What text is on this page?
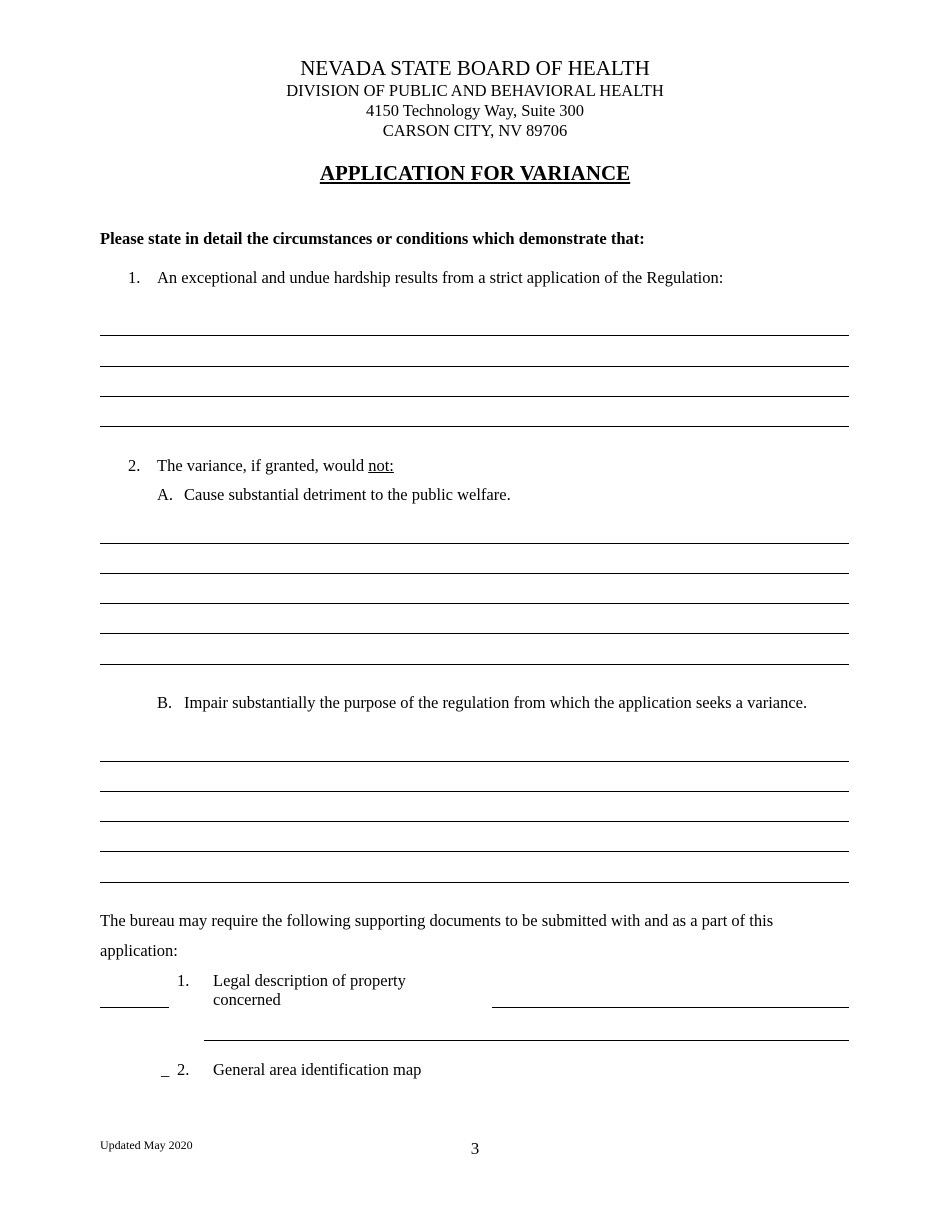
NEVADA STATE BOARD OF HEALTH
DIVISION OF PUBLIC AND BEHAVIORAL HEALTH
4150 Technology Way, Suite 300
CARSON CITY, NV 89706
APPLICATION FOR VARIANCE
Please state in detail the circumstances or conditions which demonstrate that:
1. An exceptional and undue hardship results from a strict application of the Regulation:
2. The variance, if granted, would not:
A. Cause substantial detriment to the public welfare.
B. Impair substantially the purpose of the regulation from which the application seeks a variance.
The bureau may require the following supporting documents to be submitted with and as a part of this
application:
1. Legal description of property
concerned
_ 2. General area identification map
Updated May 2020	3
